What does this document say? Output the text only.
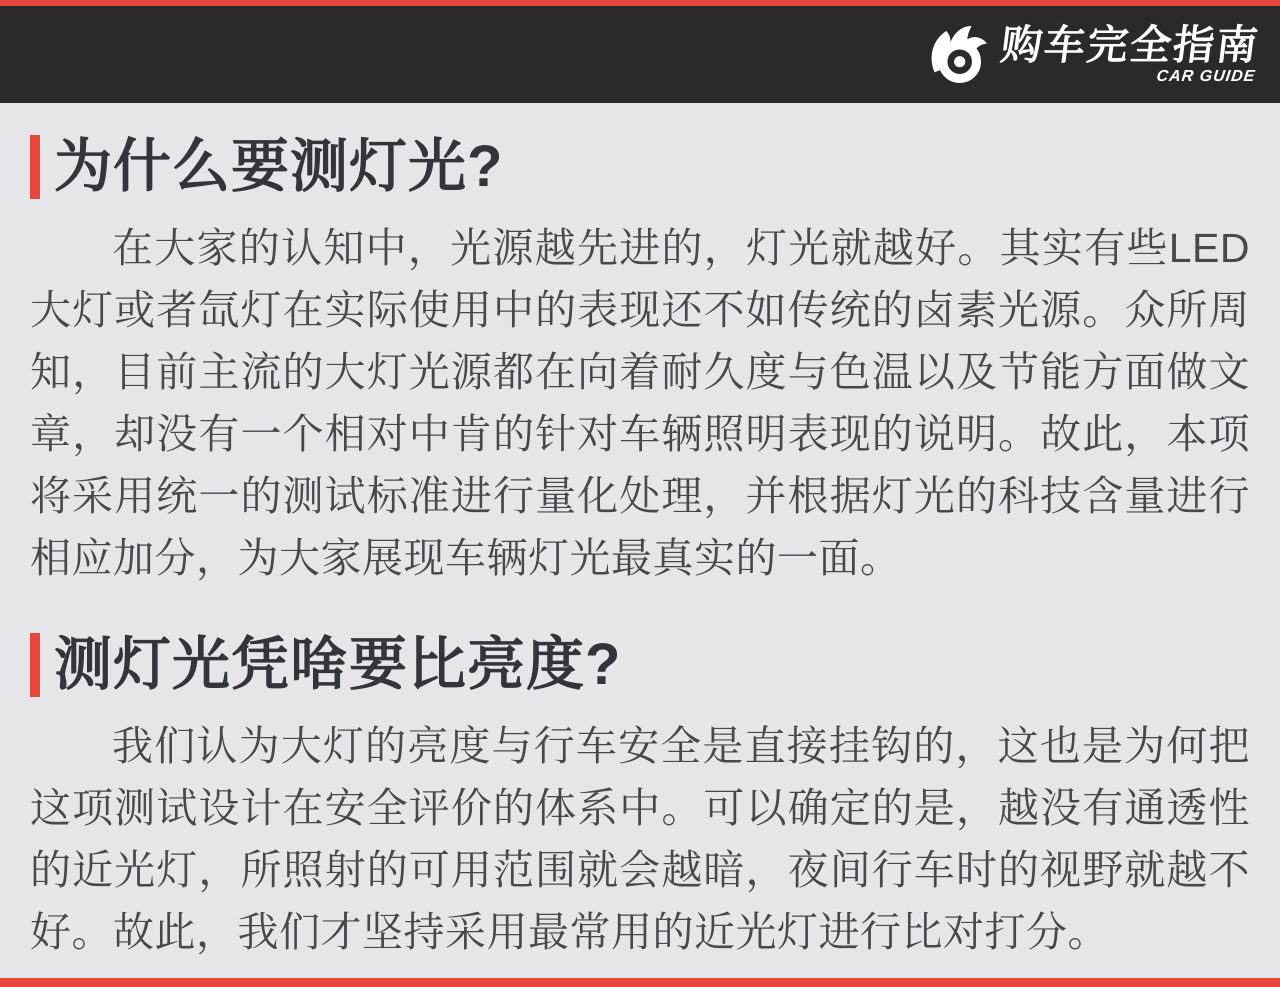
购车完全指南
CAR GUIDE
为什么要测灯光?

在大家的认知中，光源越先进的，灯光就越好。其实有些LED大灯或者氙灯在实际使用中的表现还不如传统的卤素光源。众所周知，目前主流的大灯光源都在向着耐久度与色温以及节能方面做文章，却没有一个相对中肯的针对车辆照明表现的说明。故此，本项将采用统一的测试标准进行量化处理，并根据灯光的科技含量进行相应加分，为大家展现车辆灯光最真实的一面。

测灯光凭啥要比亮度?

我们认为大灯的亮度与行车安全是直接挂钩的，这也是为何把这项测试设计在安全评价的体系中。可以确定的是，越没有通透性的近光灯，所照射的可用范围就会越暗，夜间行车时的视野就越不好。故此，我们才坚持采用最常用的近光灯进行比对打分。
